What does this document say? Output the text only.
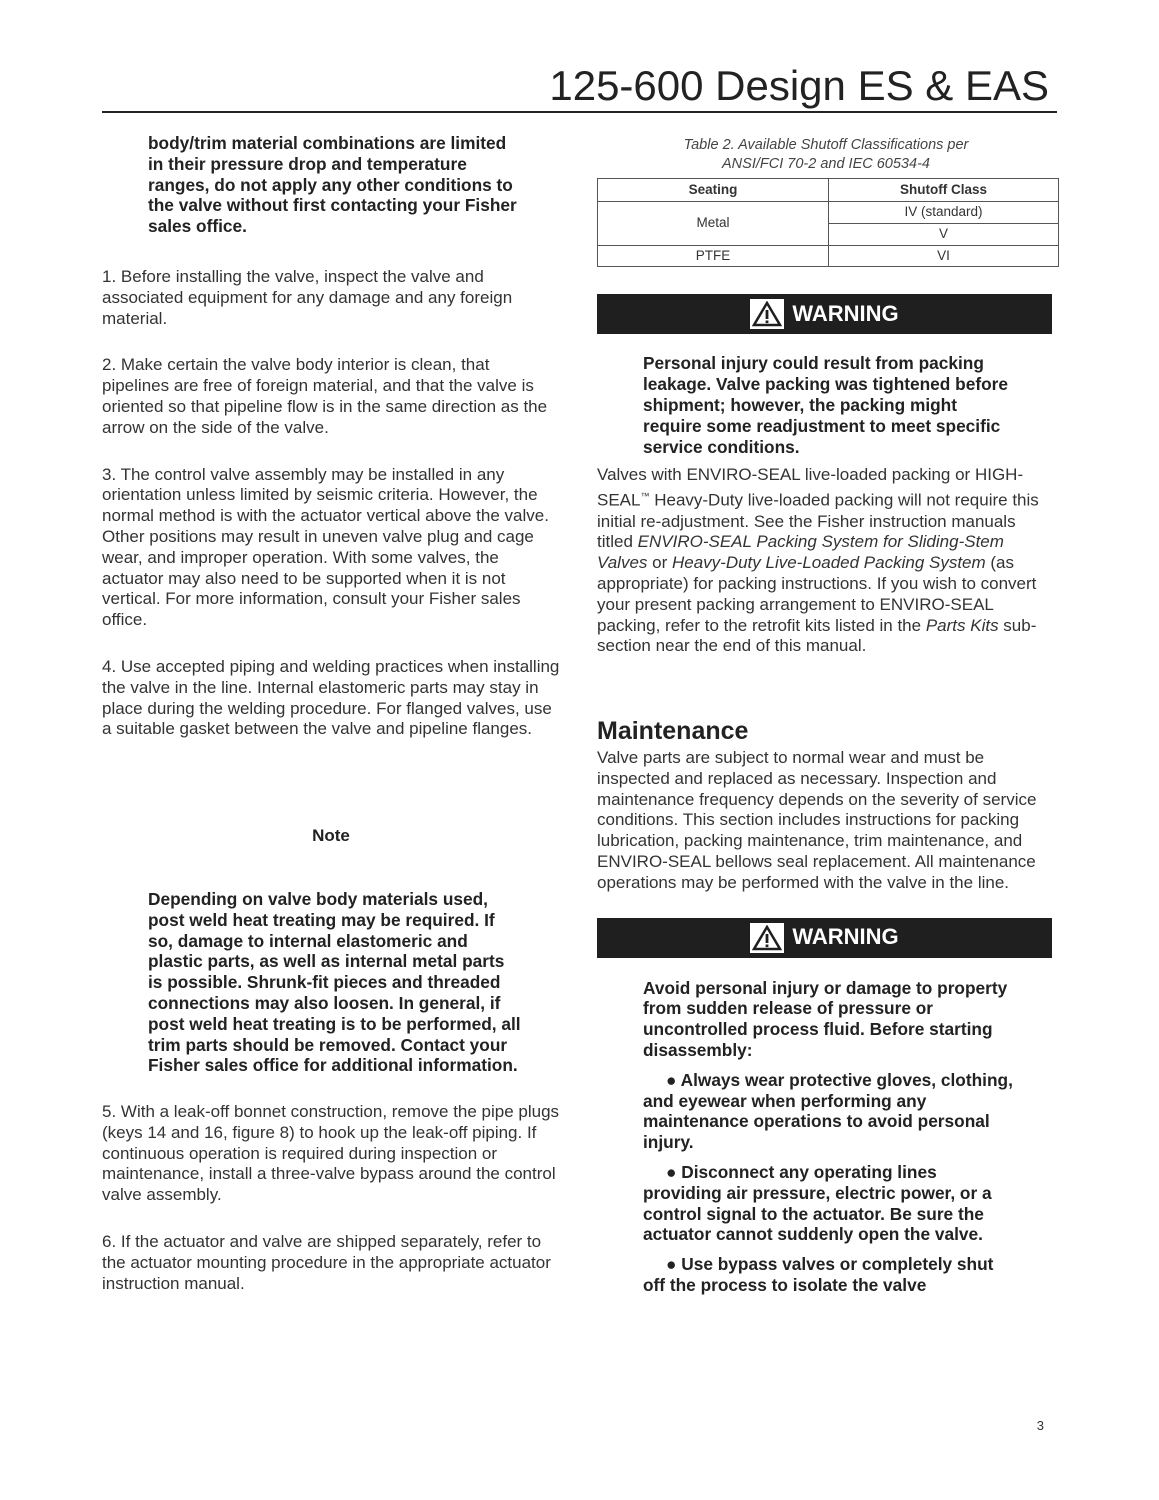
125-600 Design ES & EAS
body/trim material combinations are limited in their pressure drop and temperature ranges, do not apply any other conditions to the valve without first contacting your Fisher sales office.

1. Before installing the valve, inspect the valve and associated equipment for any damage and any foreign material.

2. Make certain the valve body interior is clean, that pipelines are free of foreign material, and that the valve is oriented so that pipeline flow is in the same direction as the arrow on the side of the valve.

3. The control valve assembly may be installed in any orientation unless limited by seismic criteria. However, the normal method is with the actuator vertical above the valve. Other positions may result in uneven valve plug and cage wear, and improper operation. With some valves, the actuator may also need to be supported when it is not vertical. For more information, consult your Fisher sales office.

4. Use accepted piping and welding practices when installing the valve in the line. Internal elastomeric parts may stay in place during the welding procedure. For flanged valves, use a suitable gasket between the valve and pipeline flanges.

Note
Depending on valve body materials used, post weld heat treating may be required. If so, damage to internal elastomeric and plastic parts, as well as internal metal parts is possible. Shrunk-fit pieces and threaded connections may also loosen. In general, if post weld heat treating is to be performed, all trim parts should be removed. Contact your Fisher sales office for additional information.

5. With a leak-off bonnet construction, remove the pipe plugs (keys 14 and 16, figure 8) to hook up the leak-off piping. If continuous operation is required during inspection or maintenance, install a three-valve bypass around the control valve assembly.

6. If the actuator and valve are shipped separately, refer to the actuator mounting procedure in the appropriate actuator instruction manual.

Table 2. Available Shutoff Classifications per
ANSI/FCI 70-2 and IEC 60534-4
Seating	Shutoff Class
Metal	IV (standard)
	V
PTFE	VI
WARNING
Personal injury could result from packing leakage. Valve packing was tightened before shipment; however, the packing might require some readjustment to meet specific service conditions.

Valves with ENVIRO-SEAL live-loaded packing or HIGH-SEAL™ Heavy-Duty live-loaded packing will not require this initial re-adjustment. See the Fisher instruction manuals titled ENVIRO-SEAL Packing System for Sliding-Stem Valves or Heavy-Duty Live-Loaded Packing System (as appropriate) for packing instructions. If you wish to convert your present packing arrangement to ENVIRO-SEAL packing, refer to the retrofit kits listed in the Parts Kits sub-section near the end of this manual.

Maintenance

Valve parts are subject to normal wear and must be inspected and replaced as necessary. Inspection and maintenance frequency depends on the severity of service conditions. This section includes instructions for packing lubrication, packing maintenance, trim maintenance, and ENVIRO-SEAL bellows seal replacement. All maintenance operations may be performed with the valve in the line.

WARNING
Avoid personal injury or damage to property from sudden release of pressure or uncontrolled process fluid. Before starting disassembly:
● Always wear protective gloves, clothing, and eyewear when performing any maintenance operations to avoid personal injury.
● Disconnect any operating lines providing air pressure, electric power, or a control signal to the actuator. Be sure the actuator cannot suddenly open the valve.
● Use bypass valves or completely shut off the process to isolate the valve
3
